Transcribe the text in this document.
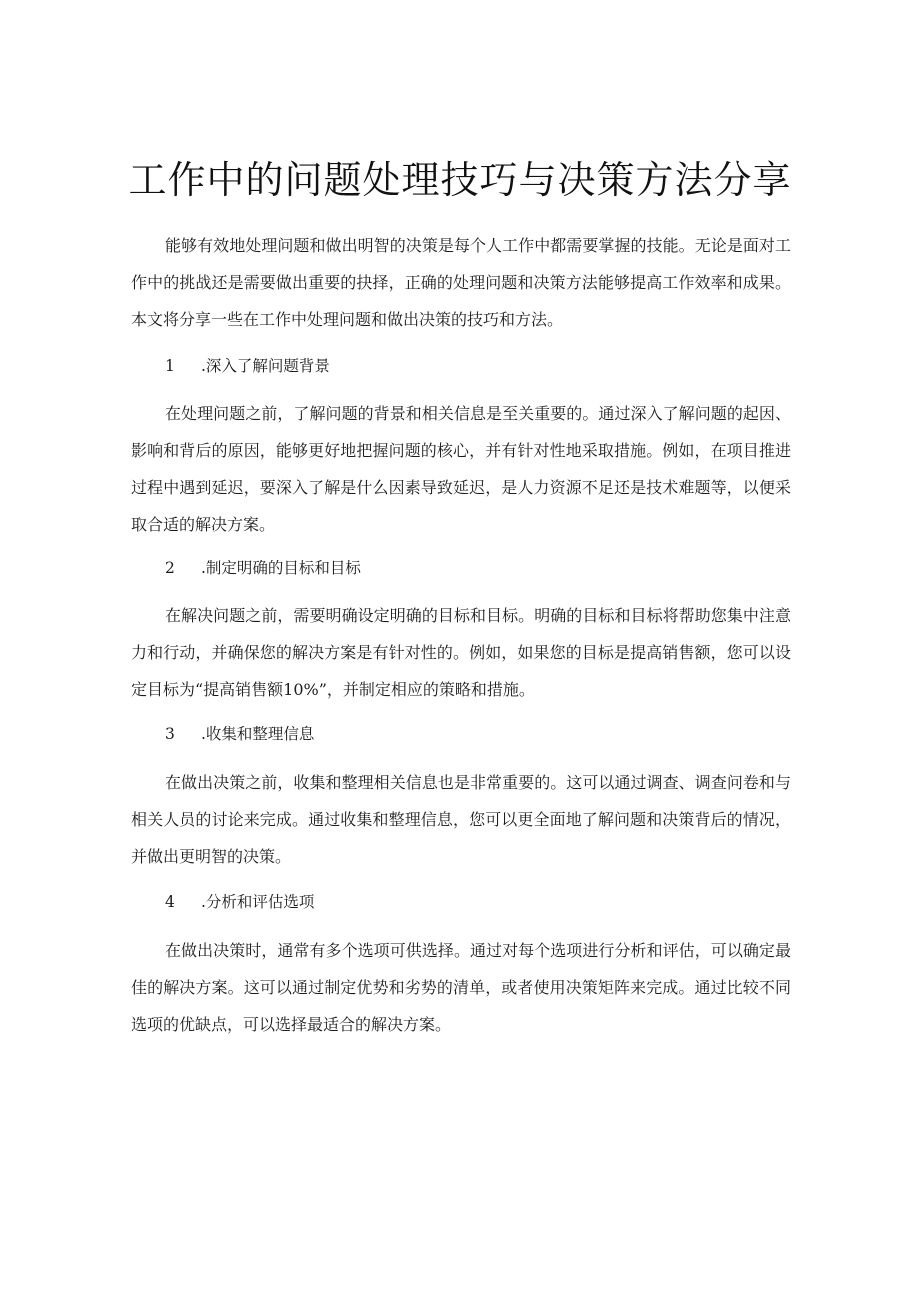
工作中的问题处理技巧与决策方法分享

能够有效地处理问题和做出明智的决策是每个人工作中都需要掌握的技能。无论是面对工作中的挑战还是需要做出重要的抉择，正确的处理问题和决策方法能够提高工作效率和成果。本文将分享一些在工作中处理问题和做出决策的技巧和方法。

1 .深入了解问题背景

在处理问题之前，了解问题的背景和相关信息是至关重要的。通过深入了解问题的起因、影响和背后的原因，能够更好地把握问题的核心，并有针对性地采取措施。例如，在项目推进过程中遇到延迟，要深入了解是什么因素导致延迟，是人力资源不足还是技术难题等，以便采取合适的解决方案。

2 .制定明确的目标和目标

在解决问题之前，需要明确设定明确的目标和目标。明确的目标和目标将帮助您集中注意力和行动，并确保您的解决方案是有针对性的。例如，如果您的目标是提高销售额，您可以设定目标为“提高销售额10%”，并制定相应的策略和措施。

3 .收集和整理信息

在做出决策之前，收集和整理相关信息也是非常重要的。这可以通过调查、调查问卷和与相关人员的讨论来完成。通过收集和整理信息，您可以更全面地了解问题和决策背后的情况，并做出更明智的决策。

4 .分析和评估选项

在做出决策时，通常有多个选项可供选择。通过对每个选项进行分析和评估，可以确定最佳的解决方案。这可以通过制定优势和劣势的清单，或者使用决策矩阵来完成。通过比较不同选项的优缺点，可以选择最适合的解决方案。
